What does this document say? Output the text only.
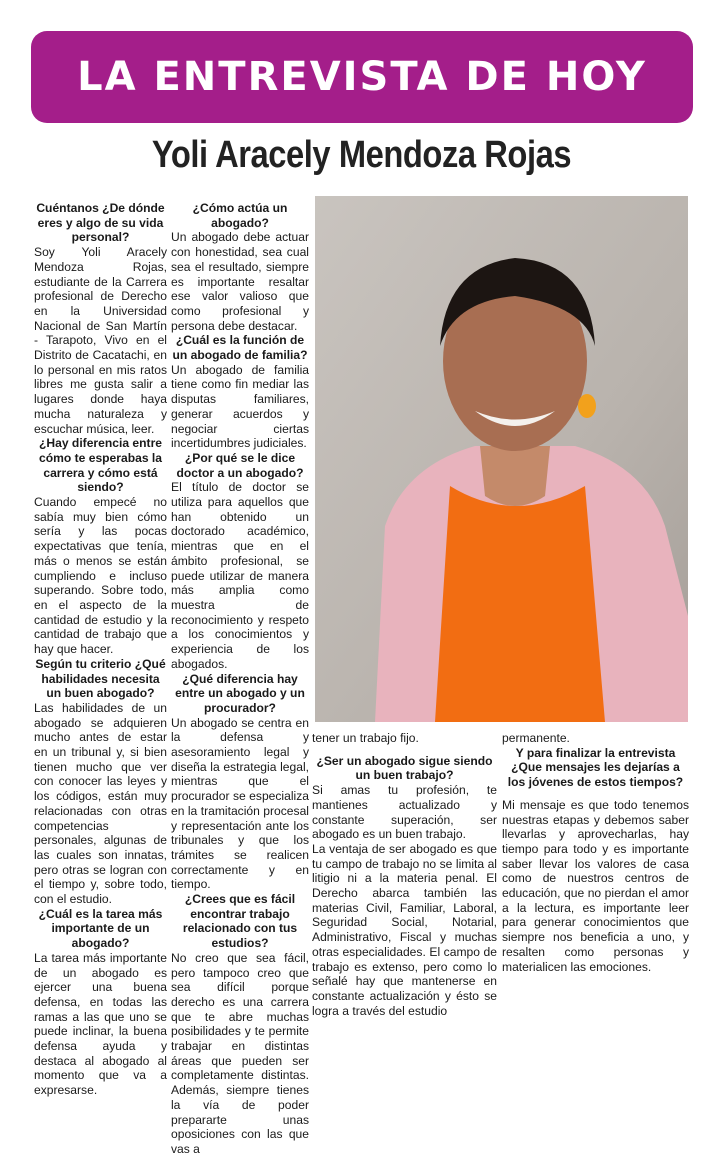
LA ENTREVISTA DE HOY
Yoli Aracely Mendoza Rojas
Cuéntanos ¿De dónde eres y algo de su vida personal?

Soy Yoli Aracely Mendoza Rojas, estudiante de la Carrera profesional de Derecho en la Universidad Nacional de San Martín - Tarapoto, Vivo en el Distrito de Cacatachi, en lo personal en mis ratos libres me gusta salir a lugares donde haya mucha naturaleza y escuchar música, leer.

¿Hay diferencia entre cómo te esperabas la carrera y cómo está siendo?

Cuando empecé no sabía muy bien cómo sería y las pocas expectativas que tenía, más o menos se están cumpliendo e incluso superando. Sobre todo, en el aspecto de la cantidad de estudio y la cantidad de trabajo que hay que hacer.

Según tu criterio ¿Qué habilidades necesita un buen abogado?

Las habilidades de un abogado se adquieren mucho antes de estar en un tribunal y, si bien tienen mucho que ver con conocer las leyes y los códigos, están muy relacionadas con otras competencias personales, algunas de las cuales son innatas, pero otras se logran con el tiempo y, sobre todo, con el estudio.

¿Cuál es la tarea más importante de un abogado?

La tarea más importante de un abogado es ejercer una buena defensa, en todas las ramas a las que uno se puede inclinar, la buena defensa ayuda y destaca al abogado al momento que va a expresarse.

¿Cómo actúa un abogado?

Un abogado debe actuar con honestidad, sea cual sea el resultado, siempre es importante resaltar ese valor valioso que como profesional y persona debe destacar.

¿Cuál es la función de un abogado de familia?

Un abogado de familia tiene como fin mediar las disputas familiares, generar acuerdos y negociar ciertas incertidumbres judiciales.

¿Por qué se le dice doctor a un abogado?

El título de doctor se utiliza para aquellos que han obtenido un doctorado académico, mientras que en el ámbito profesional, se puede utilizar de manera más amplia como muestra de reconocimiento y respeto a los conocimientos y experiencia de los abogados.

¿Qué diferencia hay entre un abogado y un procurador?

Un abogado se centra en la defensa y asesoramiento legal y diseña la estrategia legal, mientras que el procurador se especializa en la tramitación procesal y representación ante los tribunales y que los trámites se realicen correctamente y en tiempo.

¿Crees que es fácil encontrar trabajo relacionado con tus estudios?

No creo que sea fácil, pero tampoco creo que sea difícil porque derecho es una carrera que te abre muchas posibilidades y te permite trabajar en distintas áreas que pueden ser completamente distintas. Además, siempre tienes la vía de poder prepararte unas oposiciones con las que vas a

tener un trabajo fijo.

¿Ser un abogado sigue siendo un buen trabajo?

Si amas tu profesión, te mantienes actualizado y constante superación, ser abogado es un buen trabajo.

La ventaja de ser abogado es que tu campo de trabajo no se limita al litigio ni a la materia penal. El Derecho abarca también las materias Civil, Familiar, Laboral, Seguridad Social, Notarial, Administrativo, Fiscal y muchas otras especialidades. El campo de trabajo es extenso, pero como lo señalé hay que mantenerse en constante actualización y ésto se logra a través del estudio

permanente.

Y para finalizar la entrevista ¿Que mensajes les dejarías a los jóvenes de estos tiempos?

Mi mensaje es que todo tenemos nuestras etapas y debemos saber llevarlas y aprovecharlas, hay tiempo para todo y es importante saber llevar los valores de casa como de nuestros centros de educación, que no pierdan el amor a la lectura, es importante leer para generar conocimientos que siempre nos beneficia a uno, y resalten como personas y materialicen las emociones.
